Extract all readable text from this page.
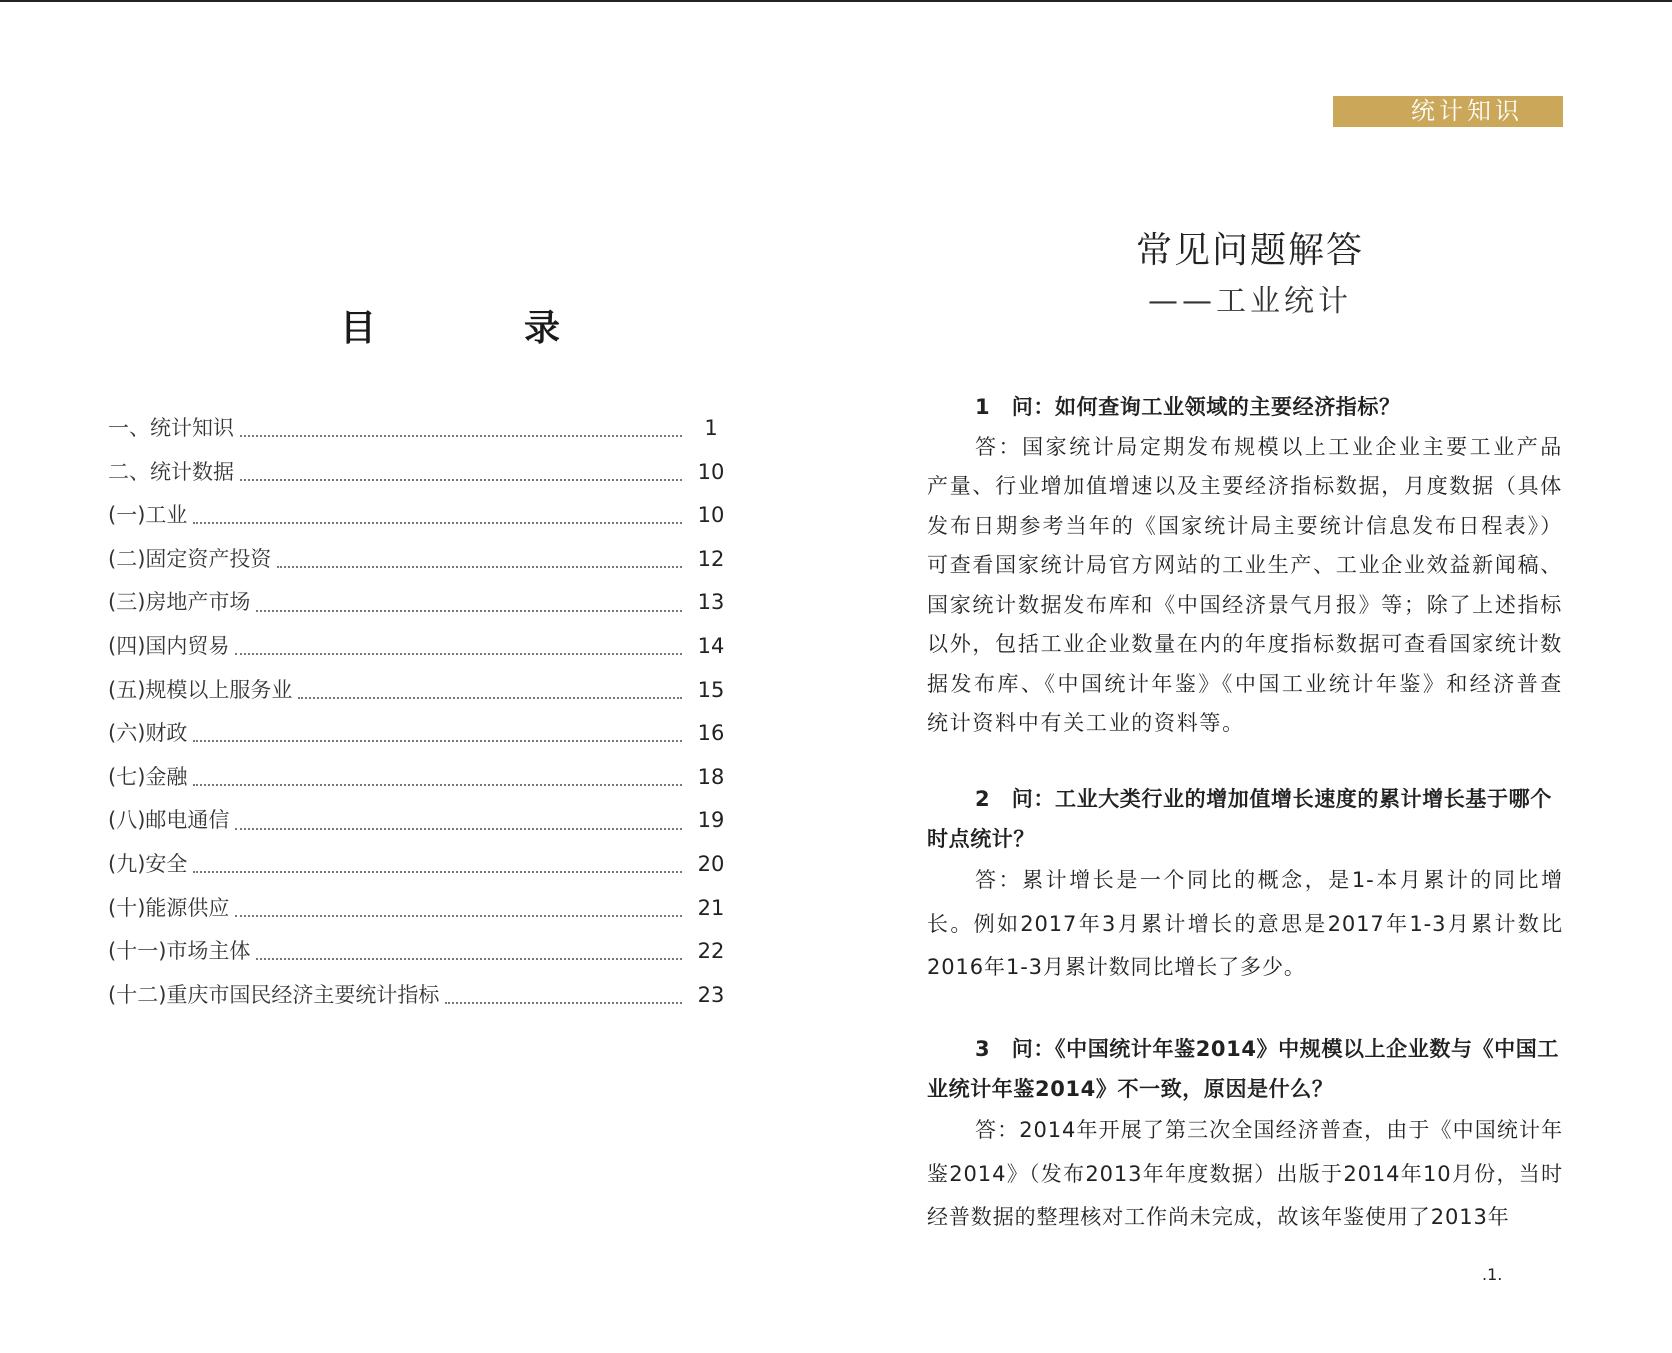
目　录
一、统计知识	1
二、统计数据	10
(一)工业	10
(二)固定资产投资	12
(三)房地产市场	13
(四)国内贸易	14
(五)规模以上服务业	15
(六)财政	16
(七)金融	18
(八)邮电通信	19
(九)安全	20
(十)能源供应	21
(十一)市场主体	22
(十二)重庆市国民经济主要统计指标	23
统计知识
常见问题解答
——工业统计

1　问：如何查询工业领域的主要经济指标？

答：国家统计局定期发布规模以上工业企业主要工业产品产量、行业增加值增速以及主要经济指标数据，月度数据（具体发布日期参考当年的《国家统计局主要统计信息发布日程表》）可查看国家统计局官方网站的工业生产、工业企业效益新闻稿、国家统计数据发布库和《中国经济景气月报》等；除了上述指标以外，包括工业企业数量在内的年度指标数据可查看国家统计数据发布库、《中国统计年鉴》《中国工业统计年鉴》和经济普查统计资料中有关工业的资料等。

2　问：工业大类行业的增加值增长速度的累计增长基于哪个时点统计？

答：累计增长是一个同比的概念，是1-本月累计的同比增长。例如2017年3月累计增长的意思是2017年1-3月累计数比2016年1-3月累计数同比增长了多少。

3　问：《中国统计年鉴2014》中规模以上企业数与《中国工业统计年鉴2014》不一致，原因是什么？

答：2014年开展了第三次全国经济普查，由于《中国统计年鉴2014》（发布2013年年度数据）出版于2014年10月份，当时经普数据的整理核对工作尚未完成，故该年鉴使用了2013年

.1.
